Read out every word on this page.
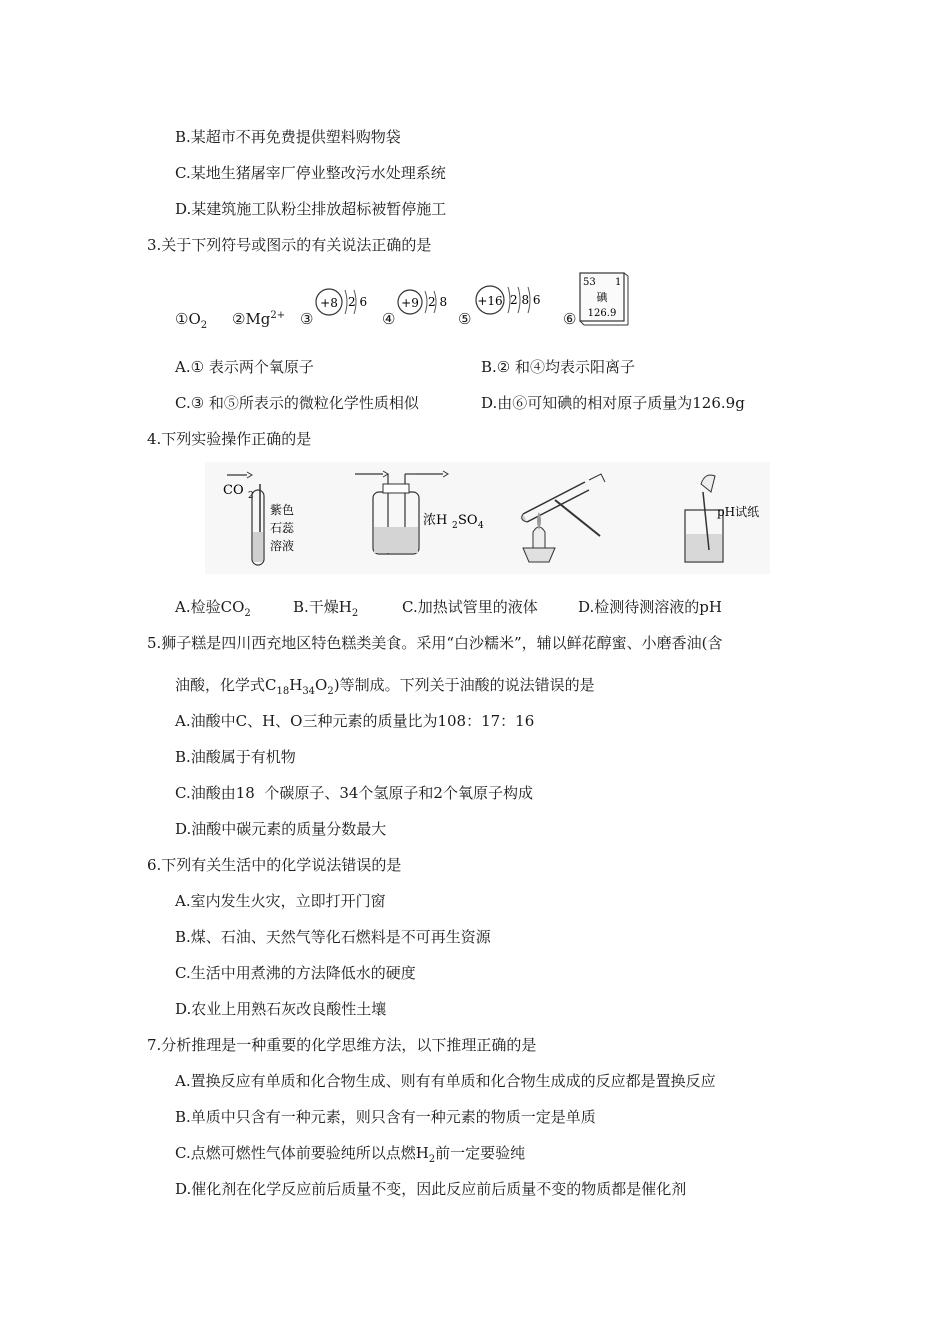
B.某超市不再免费提供塑料购物袋
C.某地生猪屠宰厂停业整改污水处理系统
D.某建筑施工队粉尘排放超标被暂停施工
3.关于下列符号或图示的有关说法正确的是
$①O_2$ $②Mg^{2+}$ ③
+8 2 6
④
+9 2 8
⑤
+16 2 8 6
⑥
53 1
碘
126.9
A.① 表示两个氧原子	B.② 和④均表示阳离子
C.③ 和⑤所表示的微粒化学性质相似	D.由⑥可知碘的相对原子质量为126.9g
4.下列实验操作正确的是
CO 2
紫色
石蕊
溶液
浓H 2 SO 4
pH试纸
A.检验$CO_2$	B.干燥$H_2$	C.加热试管里的液体	D.检测待测溶液的pH
5.狮子糕是四川西充地区特色糕类美食。采用“白沙糯米”，辅以鲜花醇蜜、小磨香油(含
油酸，化学式$C_{18}H_{34}O_2$)等制成。下列关于油酸的说法错误的是
A.油酸中C、H、O三种元素的质量比为108：17：16
B.油酸属于有机物
C.油酸由18  个碳原子、34个氢原子和2个氧原子构成
D.油酸中碳元素的质量分数最大
6.下列有关生活中的化学说法错误的是
A.室内发生火灾，立即打开门窗
B.煤、石油、天然气等化石燃料是不可再生资源
C.生活中用煮沸的方法降低水的硬度
D.农业上用熟石灰改良酸性土壤
7.分析推理是一种重要的化学思维方法，以下推理正确的是
A.置换反应有单质和化合物生成、则有有单质和化合物生成成的反应都是置换反应
B.单质中只含有一种元素，则只含有一种元素的物质一定是单质
C.点燃可燃性气体前要验纯所以点燃$H_2$前一定要验纯
D.催化剂在化学反应前后质量不变，因此反应前后质量不变的物质都是催化剂
